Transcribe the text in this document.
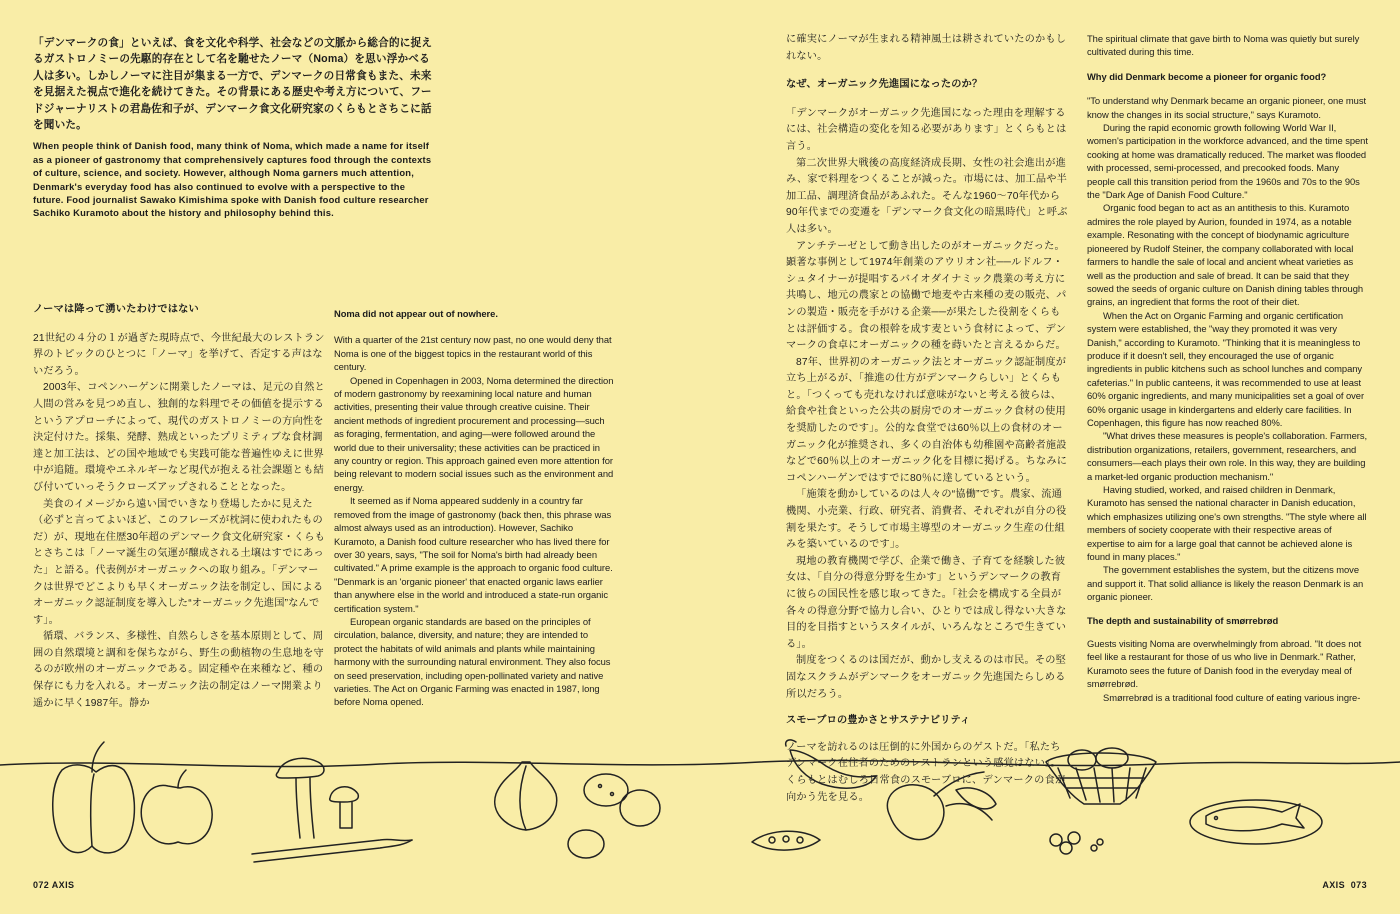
「デンマークの食」といえば、食を文化や科学、社会などの文脈から総合的に捉えるガストロノミーの先駆的存在として名を馳せたノーマ（Noma）を思い浮かべる人は多い。しかしノーマに注目が集まる一方で、デンマークの日常食もまた、未来を見据えた視点で進化を続けてきた。その背景にある歴史や考え方について、フードジャーナリストの君島佐和子が、デンマーク食文化研究家のくらもとさちこに話を聞いた。

When people think of Danish food, many think of Noma, which made a name for itself as a pioneer of gastronomy that comprehensively captures food through the contexts of culture, science, and society. However, although Noma garners much attention, Denmark's everyday food has also continued to evolve with a perspective to the future. Food journalist Sawako Kimishima spoke with Danish food culture researcher Sachiko Kuramoto about the history and philosophy behind this.

ノーマは降って湧いたわけではない

21世紀の４分の１が過ぎた現時点で、今世紀最大のレストラン界のトピックのひとつに「ノーマ」を挙げて、否定する声はないだろう。

2003年、コペンハーゲンに開業したノーマは、足元の自然と人間の営みを見つめ直し、独創的な料理でその価値を提示するというアプローチによって、現代のガストロノミーの方向性を決定付けた。採集、発酵、熟成といったプリミティブな食材調達と加工法は、どの国や地域でも実践可能な普遍性ゆえに世界中が追随。環境やエネルギーなど現代が抱える社会課題とも結び付いていっそうクローズアップされることとなった。

美食のイメージから遠い国でいきなり登場したかに見えた（必ずと言ってよいほど、このフレーズが枕詞に使われたものだ）が、現地在住歴30年超のデンマーク食文化研究家・くらもとさちこは「ノーマ誕生の気運が醸成される土壌はすでにあった」と語る。代表例がオーガニックへの取り組み。「デンマークは世界でどこよりも早くオーガニック法を制定し、国によるオーガニック認証制度を導入した“オーガニック先進国”なんです」。

循環、バランス、多様性、自然らしさを基本原則として、周囲の自然環境と調和を保ちながら、野生の動植物の生息地を守るのが欧州のオーガニックである。固定種や在来種など、種の保存にも力を入れる。オーガニック法の制定はノーマ開業より遥かに早く1987年。静か

Noma did not appear out of nowhere.

With a quarter of the 21st century now past, no one would deny that Noma is one of the biggest topics in the restaurant world of this century.

Opened in Copenhagen in 2003, Noma determined the direction of modern gastronomy by reexamining local nature and human activities, presenting their value through creative cuisine. Their ancient methods of ingredient procurement and processing—such as foraging, fermentation, and aging—were followed around the world due to their universality; these activities can be practiced in any country or region. This approach gained even more attention for being relevant to modern social issues such as the environment and energy.

It seemed as if Noma appeared suddenly in a country far removed from the image of gastronomy (back then, this phrase was almost always used as an introduction). However, Sachiko Kuramoto, a Danish food culture researcher who has lived there for over 30 years, says, "The soil for Noma's birth had already been cultivated." A prime example is the approach to organic food culture. "Denmark is an 'organic pioneer' that enacted organic laws earlier than anywhere else in the world and introduced a state-run organic certification system."

European organic standards are based on the principles of circulation, balance, diversity, and nature; they are intended to protect the habitats of wild animals and plants while maintaining harmony with the surrounding natural environment. They also focus on seed preservation, including open-pollinated variety and native varieties. The Act on Organic Farming was enacted in 1987, long before Noma opened.

に確実にノーマが生まれる精神風土は耕されていたのかもしれない。

なぜ、オーガニック先進国になったのか？

「デンマークがオーガニック先進国になった理由を理解するには、社会構造の変化を知る必要があります」とくらもとは言う。

第二次世界大戦後の高度経済成長期、女性の社会進出が進み、家で料理をつくることが減った。市場には、加工品や半加工品、調理済食品があふれた。そんな1960〜70年代から90年代までの変遷を「デンマーク食文化の暗黒時代」と呼ぶ人は多い。

アンチテーゼとして動き出したのがオーガニックだった。顕著な事例として1974年創業のアウリオン社──ルドルフ・シュタイナーが提唱するバイオダイナミック農業の考え方に共鳴し、地元の農家との協働で地麦や古来種の麦の販売、パンの製造・販売を手がける企業──が果たした役割をくらもとは評価する。食の根幹を成す麦という食材によって、デンマークの食卓にオーガニックの種を蒔いたと言えるからだ。

87年、世界初のオーガニック法とオーガニック認証制度が立ち上がるが、「推進の仕方がデンマークらしい」とくらもと。「つくっても売れなければ意味がないと考える彼らは、給食や社食といった公共の厨房でのオーガニック食材の使用を奨励したのです」。公的な食堂では60％以上の食材のオーガニック化が推奨され、多くの自治体も幼稚園や高齢者施設などで60％以上のオーガニック化を目標に掲げる。ちなみにコペンハーゲンではすでに80％に達しているという。

「施策を動かしているのは人々の“協働”です。農家、流通機関、小売業、行政、研究者、消費者、それぞれが自分の役割を果たす。そうして市場主導型のオーガニック生産の仕組みを築いているのです」。

現地の教育機関で学び、企業で働き、子育てを経験した彼女は、「自分の得意分野を生かす」というデンマークの教育に彼らの国民性を感じ取ってきた。「社会を構成する全員が各々の得意分野で協力し合い、ひとりでは成し得ない大きな目的を目指すというスタイルが、いろんなところで生きている」。

制度をつくるのは国だが、動かし支えるのは市民。その堅固なスクラムがデンマークをオーガニック先進国たらしめる所以だろう。

スモーブロの豊かさとサステナビリティ

ノーマを訪れるのは圧倒的に外国からのゲストだ。「私たちデンマーク在住者のためのレストランという感覚はない」。くらもとはむしろ日常食のスモーブロに、デンマークの食が向かう先を見る。

The spiritual climate that gave birth to Noma was quietly but surely cultivated during this time.

Why did Denmark become a pioneer for organic food?

"To understand why Denmark became an organic pioneer, one must know the changes in its social structure," says Kuramoto.

During the rapid economic growth following World War II, women's participation in the workforce advanced, and the time spent cooking at home was dramatically reduced. The market was flooded with processed, semi-processed, and precooked foods. Many people call this transition period from the 1960s and 70s to the 90s the "Dark Age of Danish Food Culture."

Organic food began to act as an antithesis to this. Kuramoto admires the role played by Aurion, founded in 1974, as a notable example. Resonating with the concept of biodynamic agriculture pioneered by Rudolf Steiner, the company collaborated with local farmers to handle the sale of local and ancient wheat varieties as well as the production and sale of bread. It can be said that they sowed the seeds of organic culture on Danish dining tables through grains, an ingredient that forms the root of their diet.

When the Act on Organic Farming and organic certification system were established, the "way they promoted it was very Danish," according to Kuramoto. "Thinking that it is meaningless to produce if it doesn't sell, they encouraged the use of organic ingredients in public kitchens such as school lunches and company cafeterias." In public canteens, it was recommended to use at least 60% organic ingredients, and many municipalities set a goal of over 60% organic usage in kindergartens and elderly care facilities. In Copenhagen, this figure has now reached 80%.

"What drives these measures is people's collaboration. Farmers, distribution organizations, retailers, government, researchers, and consumers—each plays their own role. In this way, they are building a market-led organic production mechanism."

Having studied, worked, and raised children in Denmark, Kuramoto has sensed the national character in Danish education, which emphasizes utilizing one's own strengths. "The style where all members of society cooperate with their respective areas of expertise to aim for a large goal that cannot be achieved alone is found in many places."

The government establishes the system, but the citizens move and support it. That solid alliance is likely the reason Denmark is an organic pioneer.

The depth and sustainability of smørrebrød

Guests visiting Noma are overwhelmingly from abroad. "It does not feel like a restaurant for those of us who live in Denmark." Rather, Kuramoto sees the future of Danish food in the everyday meal of smørrebrød.

Smørrebrød is a traditional food culture of eating various ingre-

072 AXIS	AXIS  073
